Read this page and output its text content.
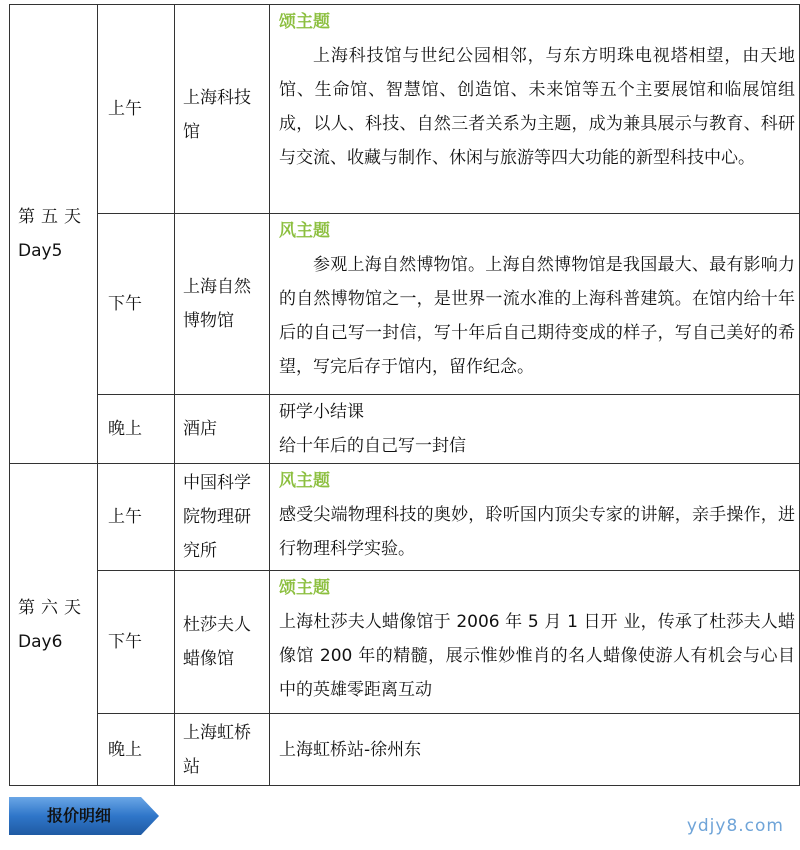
第五天
Day5	上午	上海科技馆	颂主题
上海科技馆与世纪公园相邻，与东方明珠电视塔相望，由天地馆、生命馆、智慧馆、创造馆、未来馆等五个主要展馆和临展馆组成，以人、科技、自然三者关系为主题，成为兼具展示与教育、科研与交流、收藏与制作、休闲与旅游等四大功能的新型科技中心。

	下午	上海自然博物馆	风主题
参观上海自然博物馆。上海自然博物馆是我国最大、最有影响力的自然博物馆之一，是世界一流水准的上海科普建筑。在馆内给十年后的自己写一封信，写十年后自己期待变成的样子，写自己美好的希望，写完后存于馆内，留作纪念。

	晚上	酒店	研学小结课
给十年后的自己写一封信

第六天
Day6	上午	中国科学院物理研究所	风主题
感受尖端物理科技的奥妙，聆听国内顶尖专家的讲解，亲手操作，进行物理科学实验。

	下午	杜莎夫人蜡像馆	颂主题
上海杜莎夫人蜡像馆于 2006 年 5 月 1 日开 业，传承了杜莎夫人蜡像馆 200 年的精髓，展示惟妙惟肖的名人蜡像使游人有机会与心目中的英雄零距离互动

	晚上	上海虹桥站	上海虹桥站-徐州东
报价明细
ydjy8.com
